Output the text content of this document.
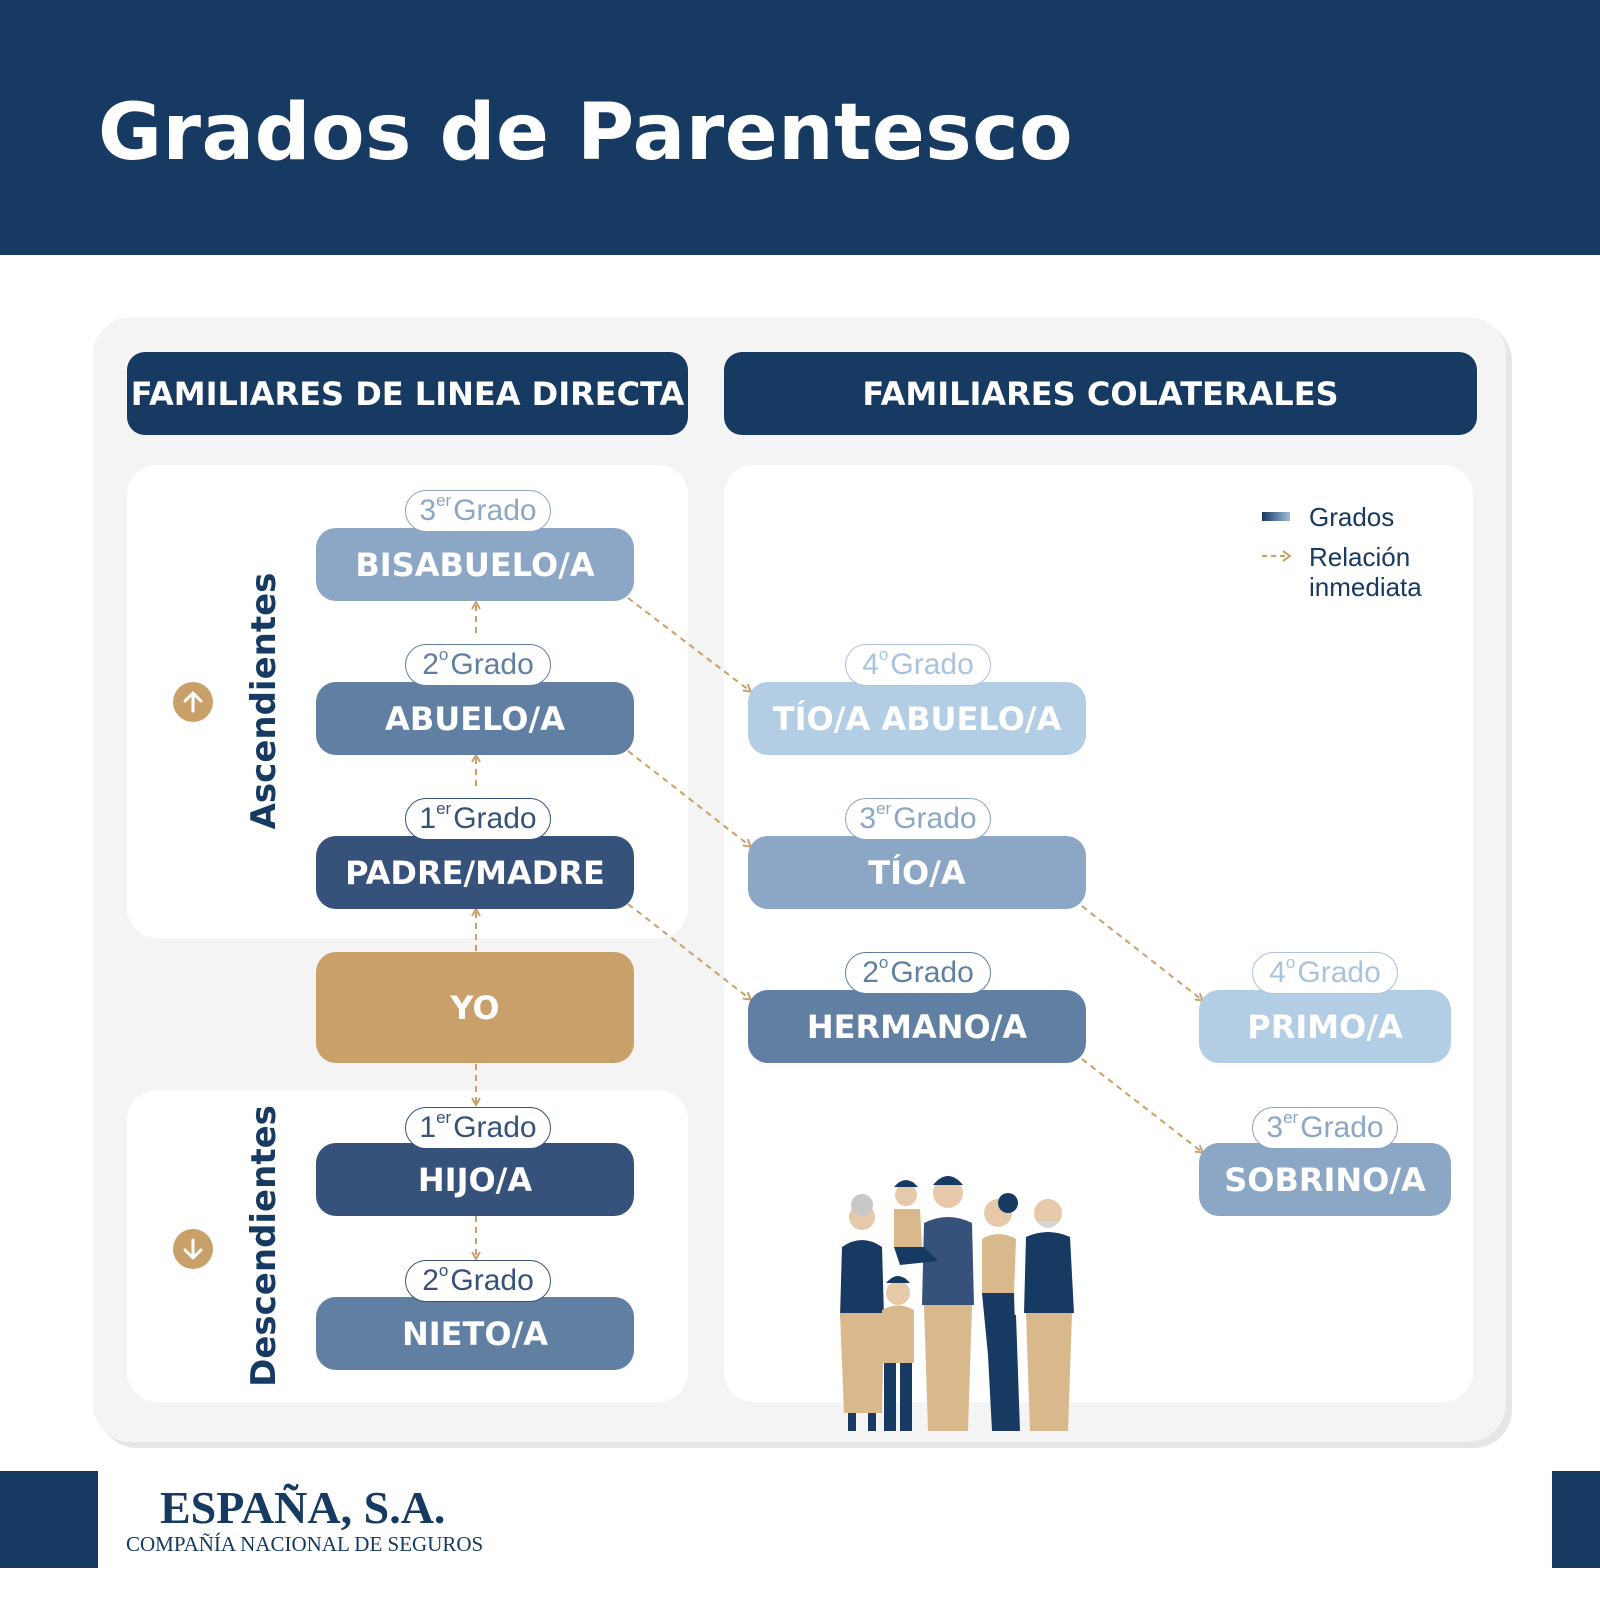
Grados de Parentesco
FAMILIARES DE LINEA DIRECTA	FAMILIARES COLATERALES
Ascendientes
Descendientes
BISABUELO/A
3er Grado
ABUELO/A
2$^o$ Grado
PADRE/MADRE
1er Grado
YO
HIJO/A
1er Grado
NIETO/A
2$^o$ Grado
TÍO/A ABUELO/A
4$^o$ Grado
TÍO/A
3er Grado
HERMANO/A
2$^o$ Grado
PRIMO/A
4$^o$ Grado
SOBRINO/A
3er Grado
Grados
Relación inmediata
ESPAÑA, S.A.
COMPAÑÍA NACIONAL DE SEGUROS
